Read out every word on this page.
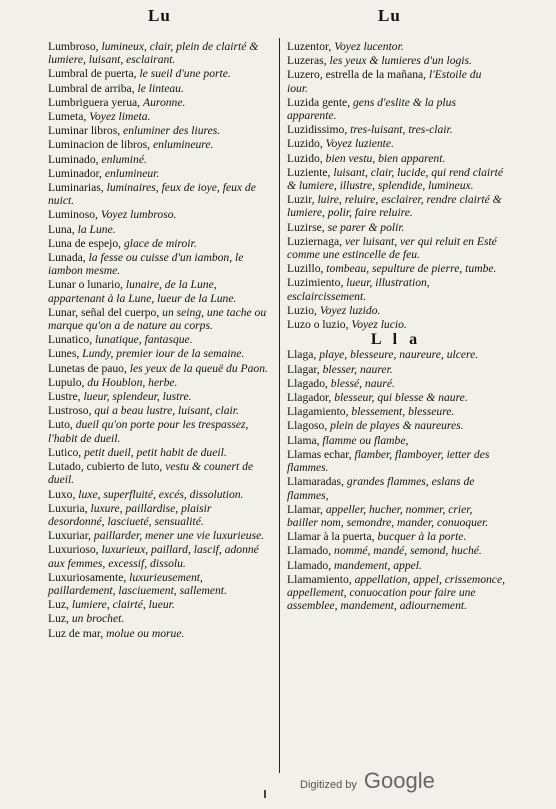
Lu	Lu
Lumbroso, lumineux, clair, plein de clairté & lumiere, luisant, esclairant.
Lumbral de puerta, le sueil d'une porte.
Lumbral de arriba, le linteau.
Lumbriguera yerua, Auronne.
Lumeta, Voyez limeta.
Luminar libros, enluminer des liures.
Luminacion de libros, enlumineure.
Luminado, enluminé.
Luminador, enlumineur.
Luminarias, luminaires, feux de ioye, feux de nuict.
Luminoso, Voyez lumbroso.
Luna, la Lune.
Luna de espejo, glace de miroir.
Lunada, la fesse ou cuisse d'un iambon, le iambon mesme.
Lunar o lunario, lunaire, de la Lune, appartenant à la Lune, lueur de la Lune.
Lunar, señal del cuerpo, un seing, une tache ou marque qu'on a de nature au corps.
Lunatico, lunatique, fantasque.
Lunes, Lundy, premier iour de la semaine.
Lunetas de pauo, les yeux de la queuë du Paon.
Lupulo, du Houblon, herbe.
Lustre, lueur, splendeur, lustre.
Lustroso, qui a beau lustre, luisant, clair.
Luto, dueil qu'on porte pour les trespassez, l'habit de dueil.
Lutico, petit dueil, petit habit de dueil.
Lutado, cubierto de luto, vestu & counert de dueil.
Luxo, luxe, superfluité, excés, dissolution.
Luxuria, luxure, paillardise, plaisir desordonné, lasciueté, sensualité.
Luxuriar, paillarder, mener une vie luxurieuse.
Luxurioso, luxurieux, paillard, lascif, adonné aux femmes, excessif, dissolu.
Luxuriosamente, luxurieusement, paillardement, lasciuement, sallement.
Luz, lumiere, clairté, lueur.
Luz, un brochet.
Luz de mar, molue ou morue.
Luzentor, Voyez lucentor.
Luzeras, les yeux & lumieres d'un logis.
Luzero, estrella de la mañana, l'Estoile du iour.
Luzida gente, gens d'eslite & la plus apparente.
Luzidissimo, tres-luisant, tres-clair.
Luzido, Voyez luziente.
Luzido, bien vestu, bien apparent.
Luziente, luisant, clair, lucide, qui rend clairté & lumiere, illustre, splendide, lumineux.
Luzir, luire, reluire, esclairer, rendre clairté & lumiere, polir, faire reluire.
Luzirse, se parer & polir.
Luziernaga, ver luisant, ver qui reluit en Esté comme une estincelle de feu.
Luzillo, tombeau, sepulture de pierre, tumbe.
Luzimiento, lueur, illustration, esclaircissement.
Luzio, Voyez luzido.
Luzo o luzio, Voyez lucio.
L l a
Llaga, playe, blesseure, naureure, ulcere.
Llagar, blesser, naurer.
Llagado, blessé, nauré.
Llagador, blesseur, qui blesse & naure.
Llagamiento, blessement, blesseure.
Llagoso, plein de playes & naureures.
Llama, flamme ou flambe,
Llamas echar, flamber, flamboyer, ietter des flammes.
Llamaradas, grandes flammes, eslans de flammes,
Llamar, appeller, hucher, nommer, crier, bailler nom, semondre, mander, conuoquer.
Llamar à la puerta, bucquer à la porte.
Llamado, nommé, mandé, semond, huché.
Llamado, mandement, appel.
Llamamiento, appellation, appel, crissemonce, appellement, conuocation pour faire une assemblee, mandement, adiournement.
Digitized by Google
